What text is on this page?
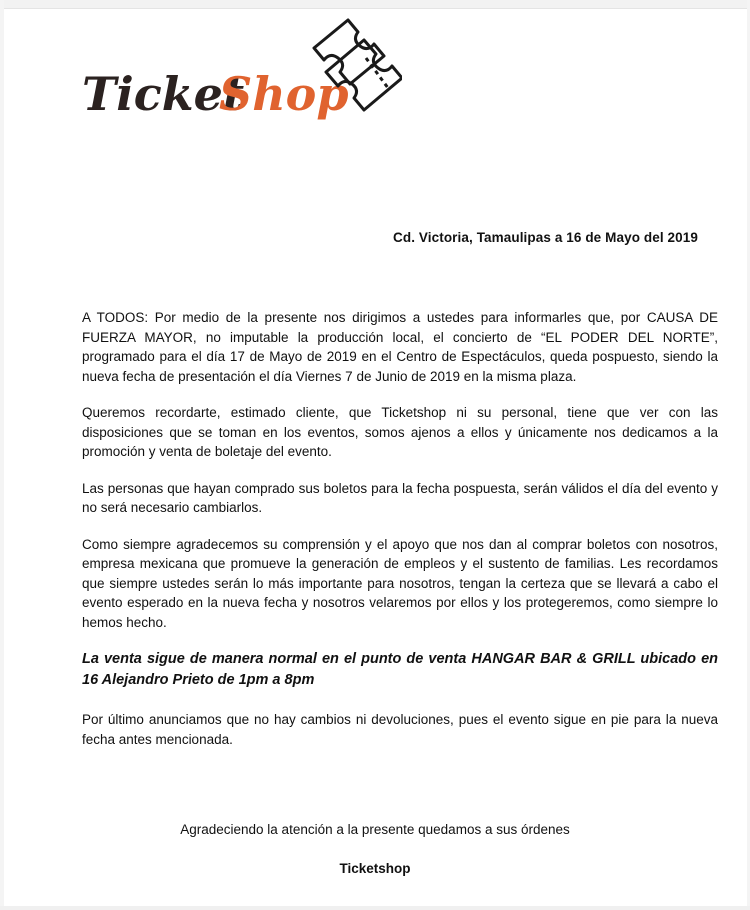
Ticket
Shop
Cd. Victoria, Tamaulipas a 16 de Mayo del 2019

A TODOS: Por medio de la presente nos dirigimos a ustedes para informarles que, por CAUSA DE FUERZA MAYOR, no imputable la producción local, el concierto de “EL PODER DEL NORTE”, programado para el día 17 de Mayo de 2019 en el Centro de Espectáculos, queda pospuesto, siendo la nueva fecha de presentación el día Viernes 7 de Junio de 2019 en la misma plaza.

Queremos recordarte, estimado cliente, que Ticketshop ni su personal, tiene que ver con las disposiciones que se toman en los eventos, somos ajenos a ellos y únicamente nos dedicamos a la promoción y venta de boletaje del evento.

Las personas que hayan comprado sus boletos para la fecha pospuesta, serán válidos el día del evento y no será necesario cambiarlos.

Como siempre agradecemos su comprensión y el apoyo que nos dan al comprar boletos con nosotros, empresa mexicana que promueve la generación de empleos y el sustento de familias. Les recordamos que siempre ustedes serán lo más importante para nosotros, tengan la certeza que se llevará a cabo el evento esperado en la nueva fecha y nosotros velaremos por ellos y los protegeremos, como siempre lo hemos hecho.

La venta sigue de manera normal en el punto de venta HANGAR BAR & GRILL ubicado en 16 Alejandro Prieto de 1pm a 8pm

Por último anunciamos que no hay cambios ni devoluciones, pues el evento sigue en pie para la nueva fecha antes mencionada.

Agradeciendo la atención a la presente quedamos a sus órdenes
Ticketshop
